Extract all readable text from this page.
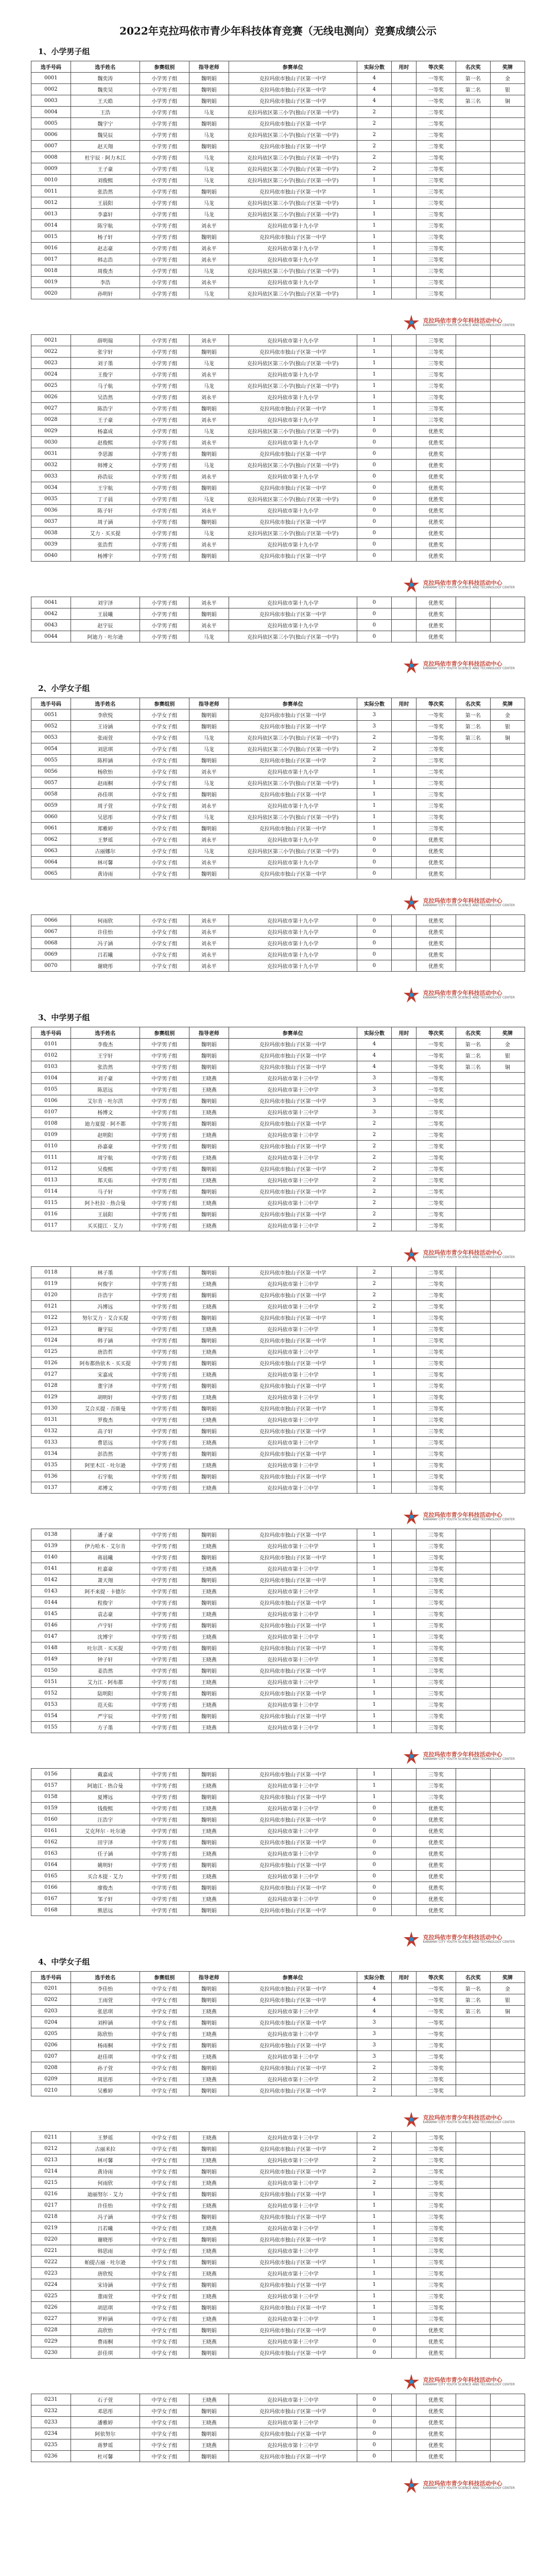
2022年克拉玛依市青少年科技体育竞赛（无线电测向）竞赛成绩公示
1、小学男子组
选手号码	选手姓名	参赛组别	指导老师	参赛单位	实际分数	用时	等次奖	名次奖	奖牌
0001	魏奕涛	小学男子组	魏明娟	克拉玛依市独山子区第一中学	4		一等奖	第一名	金
0002	魏奕昊	小学男子组	魏明娟	克拉玛依市独山子区第一中学	4		一等奖	第二名	银
0003	王天皓	小学男子组	魏明娟	克拉玛依市独山子区第一中学	4		一等奖	第三名	铜
0004	王浩	小学男子组	马龙	克拉玛依区第三小学(独山子区第一中学)	2		二等奖		
0005	魏宇宁	小学男子组	魏明娟	克拉玛依市独山子区第一中学	2		二等奖		
0006	魏昊辰	小学男子组	马龙	克拉玛依区第三小学(独山子区第一中学)	2		二等奖		
0007	赵天翔	小学男子组	魏明娟	克拉玛依市独山子区第一中学	2		二等奖		
0008	杜宇辰 · 阿力木江	小学男子组	马龙	克拉玛依区第三小学(独山子区第一中学)	2		二等奖		
0009	王子豪	小学男子组	马龙	克拉玛依区第三小学(独山子区第一中学)	2		二等奖		
0010	刘俊熙	小学男子组	马龙	克拉玛依区第三小学(独山子区第一中学)	1		三等奖		
0011	张浩然	小学男子组	魏明娟	克拉玛依市独山子区第一中学	1		三等奖		
0012	王晨阳	小学男子组	马龙	克拉玛依区第三小学(独山子区第一中学)	1		三等奖		
0013	李嘉轩	小学男子组	马龙	克拉玛依区第三小学(独山子区第一中学)	1		三等奖		
0014	陈宇航	小学男子组	刘永平	克拉玛依市第十九小学	1		三等奖		
0015	杨子轩	小学男子组	魏明娟	克拉玛依市独山子区第一中学	1		三等奖		
0016	赵志豪	小学男子组	刘永平	克拉玛依市第十九小学	1		三等奖		
0017	韩志浩	小学男子组	刘永平	克拉玛依市第十九小学	1		三等奖		
0018	周俊杰	小学男子组	马龙	克拉玛依区第三小学(独山子区第一中学)	1		三等奖		
0019	李浩	小学男子组	刘永平	克拉玛依市第十九小学	1		三等奖		
0020	孙明轩	小学男子组	马龙	克拉玛依区第三小学(独山子区第一中学)	1		三等奖		
克拉玛依市青少年科技活动中心
KARAMAY CITY YOUTH SCIENCE AND TECHNOLOGY CENTER
0021	薛明瑞	小学男子组	刘永平	克拉玛依市第十九小学	1		三等奖		
0022	张宇轩	小学男子组	魏明娟	克拉玛依市独山子区第一中学	1		三等奖		
0023	刘子墨	小学男子组	马龙	克拉玛依区第三小学(独山子区第一中学)	1		三等奖		
0024	王俊宇	小学男子组	刘永平	克拉玛依市第十九小学	1		三等奖		
0025	马子航	小学男子组	马龙	克拉玛依区第三小学(独山子区第一中学)	1		三等奖		
0026	吴浩然	小学男子组	刘永平	克拉玛依市第十九小学	1		三等奖		
0027	陈浩宇	小学男子组	魏明娟	克拉玛依市独山子区第一中学	1		三等奖		
0028	王子豪	小学男子组	刘永平	克拉玛依市第十九小学	1		三等奖		
0029	杨嘉成	小学男子组	马龙	克拉玛依区第三小学(独山子区第一中学)	0		优胜奖		
0030	赵俊熙	小学男子组	刘永平	克拉玛依市第十九小学	0		优胜奖		
0031	李思源	小学男子组	魏明娟	克拉玛依市独山子区第一中学	0		优胜奖		
0032	韩博文	小学男子组	马龙	克拉玛依区第三小学(独山子区第一中学)	0		优胜奖		
0033	孙浩辰	小学男子组	刘永平	克拉玛依市第十九小学	0		优胜奖		
0034	王宇航	小学男子组	魏明娟	克拉玛依市独山子区第一中学	0		优胜奖		
0035	丁子晨	小学男子组	马龙	克拉玛依区第三小学(独山子区第一中学)	0		优胜奖		
0036	陈子轩	小学男子组	刘永平	克拉玛依市第十九小学	0		优胜奖		
0037	周子涵	小学男子组	魏明娟	克拉玛依市独山子区第一中学	0		优胜奖		
0038	艾力 · 买买提	小学男子组	马龙	克拉玛依区第三小学(独山子区第一中学)	0		优胜奖		
0039	张浩哲	小学男子组	刘永平	克拉玛依市第十九小学	0		优胜奖		
0040	杨博宇	小学男子组	魏明娟	克拉玛依市独山子区第一中学	0		优胜奖		
克拉玛依市青少年科技活动中心
KARAMAY CITY YOUTH SCIENCE AND TECHNOLOGY CENTER
0041	刘宇泽	小学男子组	刘永平	克拉玛依市第十九小学	0		优胜奖		
0042	王晨曦	小学男子组	魏明娟	克拉玛依市独山子区第一中学	0		优胜奖		
0043	赵宇辰	小学男子组	刘永平	克拉玛依市第十九小学	0		优胜奖		
0044	阿迪力 · 吐尔逊	小学男子组	马龙	克拉玛依区第三小学(独山子区第一中学)	0		优胜奖		
克拉玛依市青少年科技活动中心
KARAMAY CITY YOUTH SCIENCE AND TECHNOLOGY CENTER
2、小学女子组
选手号码	选手姓名	参赛组别	指导老师	参赛单位	实际分数	用时	等次奖	名次奖	奖牌
0051	李欣悦	小学女子组	魏明娟	克拉玛依市独山子区第一中学	3		一等奖	第一名	金
0052	王诗涵	小学女子组	魏明娟	克拉玛依市独山子区第一中学	3		一等奖	第二名	银
0053	张雨萱	小学女子组	马龙	克拉玛依区第三小学(独山子区第一中学)	2		一等奖	第三名	铜
0054	刘思琪	小学女子组	马龙	克拉玛依区第三小学(独山子区第一中学)	2		二等奖		
0055	陈梓涵	小学女子组	魏明娟	克拉玛依市独山子区第一中学	2		二等奖		
0056	杨欣怡	小学女子组	刘永平	克拉玛依市第十九小学	1		二等奖		
0057	赵雨桐	小学女子组	马龙	克拉玛依区第三小学(独山子区第一中学)	1		二等奖		
0058	孙佳琪	小学女子组	魏明娟	克拉玛依市独山子区第一中学	1		三等奖		
0059	周子萱	小学女子组	刘永平	克拉玛依市第十九小学	1		三等奖		
0060	吴思彤	小学女子组	马龙	克拉玛依区第三小学(独山子区第一中学)	1		三等奖		
0061	郑雅婷	小学女子组	魏明娟	克拉玛依市独山子区第一中学	1		三等奖		
0062	王梦瑶	小学女子组	刘永平	克拉玛依市第十九小学	0		优胜奖		
0063	古丽娜尔	小学女子组	马龙	克拉玛依区第三小学(独山子区第一中学)	0		优胜奖		
0064	林可馨	小学女子组	刘永平	克拉玛依市第十九小学	0		优胜奖		
0065	黄诗雨	小学女子组	魏明娟	克拉玛依市独山子区第一中学	0		优胜奖		
克拉玛依市青少年科技活动中心
KARAMAY CITY YOUTH SCIENCE AND TECHNOLOGY CENTER
0066	何雨欣	小学女子组	刘永平	克拉玛依市第十九小学	0		优胜奖		
0067	许佳怡	小学女子组	刘永平	克拉玛依市第十九小学	0		优胜奖		
0068	冯子涵	小学女子组	刘永平	克拉玛依市第十九小学	0		优胜奖		
0069	吕若曦	小学女子组	刘永平	克拉玛依市第十九小学	0		优胜奖		
0070	谢晓彤	小学女子组	刘永平	克拉玛依市第十九小学	0		优胜奖		
克拉玛依市青少年科技活动中心
KARAMAY CITY YOUTH SCIENCE AND TECHNOLOGY CENTER
3、中学男子组
选手号码	选手姓名	参赛组别	指导老师	参赛单位	实际分数	用时	等次奖	名次奖	奖牌
0101	李俊杰	中学男子组	魏明娟	克拉玛依市独山子区第一中学	4		一等奖	第一名	金
0102	王宇轩	中学男子组	魏明娟	克拉玛依市独山子区第一中学	4		一等奖	第二名	银
0103	张浩然	中学男子组	魏明娟	克拉玛依市独山子区第一中学	4		一等奖	第三名	铜
0104	刘子豪	中学男子组	王晓燕	克拉玛依市第十三中学	3		一等奖		
0105	陈思远	中学男子组	王晓燕	克拉玛依市第十三中学	3		一等奖		
0106	艾尔肯 · 吐尔洪	中学男子组	魏明娟	克拉玛依市独山子区第一中学	3		一等奖		
0107	杨博文	中学男子组	王晓燕	克拉玛依市第十三中学	3		二等奖		
0108	迪力夏提 · 阿不都	中学男子组	魏明娟	克拉玛依市独山子区第一中学	2		二等奖		
0109	赵明阳	中学男子组	王晓燕	克拉玛依市第十三中学	2		二等奖		
0110	孙嘉豪	中学男子组	魏明娟	克拉玛依市独山子区第一中学	2		二等奖		
0111	周宇航	中学男子组	王晓燕	克拉玛依市第十三中学	2		二等奖		
0112	吴俊熙	中学男子组	魏明娟	克拉玛依市独山子区第一中学	2		二等奖		
0113	郑天佑	中学男子组	王晓燕	克拉玛依市第十三中学	2		二等奖		
0114	马子轩	中学男子组	魏明娟	克拉玛依市独山子区第一中学	2		二等奖		
0115	阿卜杜拉 · 热合曼	中学男子组	王晓燕	克拉玛依市第十三中学	2		二等奖		
0116	王晨阳	中学男子组	魏明娟	克拉玛依市独山子区第一中学	2		二等奖		
0117	买买提江 · 艾力	中学男子组	王晓燕	克拉玛依市第十三中学	2		二等奖		
克拉玛依市青少年科技活动中心
KARAMAY CITY YOUTH SCIENCE AND TECHNOLOGY CENTER
0118	林子墨	中学男子组	魏明娟	克拉玛依市独山子区第一中学	2		二等奖		
0119	何俊宇	中学男子组	王晓燕	克拉玛依市第十三中学	2		二等奖		
0120	许浩宇	中学男子组	魏明娟	克拉玛依市独山子区第一中学	2		二等奖		
0121	冯博远	中学男子组	王晓燕	克拉玛依市第十三中学	2		二等奖		
0122	努尔艾力 · 艾合买提	中学男子组	魏明娟	克拉玛依市独山子区第一中学	1		三等奖		
0123	谢宇辰	中学男子组	王晓燕	克拉玛依市第十三中学	1		三等奖		
0124	韩子涵	中学男子组	魏明娟	克拉玛依市独山子区第一中学	1		三等奖		
0125	唐浩哲	中学男子组	王晓燕	克拉玛依市第十三中学	1		三等奖		
0126	阿布都热依木 · 买买提	中学男子组	魏明娟	克拉玛依市独山子区第一中学	1		三等奖		
0127	宋嘉成	中学男子组	王晓燕	克拉玛依市第十三中学	1		三等奖		
0128	董宇泽	中学男子组	魏明娟	克拉玛依市独山子区第一中学	1		三等奖		
0129	胡明轩	中学男子组	王晓燕	克拉玛依市第十三中学	1		三等奖		
0130	艾合买提 · 吾斯曼	中学男子组	魏明娟	克拉玛依市独山子区第一中学	1		三等奖		
0131	罗俊杰	中学男子组	王晓燕	克拉玛依市第十三中学	1		三等奖		
0132	高子轩	中学男子组	魏明娟	克拉玛依市独山子区第一中学	1		三等奖		
0133	曹思远	中学男子组	王晓燕	克拉玛依市第十三中学	1		三等奖		
0134	彭浩然	中学男子组	魏明娟	克拉玛依市独山子区第一中学	1		三等奖		
0135	阿里木江 · 吐尔逊	中学男子组	王晓燕	克拉玛依市第十三中学	1		三等奖		
0136	石宇航	中学男子组	魏明娟	克拉玛依市独山子区第一中学	1		三等奖		
0137	邓博文	中学男子组	王晓燕	克拉玛依市第十三中学	1		三等奖		
克拉玛依市青少年科技活动中心
KARAMAY CITY YOUTH SCIENCE AND TECHNOLOGY CENTER
0138	潘子豪	中学男子组	魏明娟	克拉玛依市独山子区第一中学	1		三等奖		
0139	伊力哈木 · 艾尔肯	中学男子组	王晓燕	克拉玛依市第十三中学	1		三等奖		
0140	蒋晨曦	中学男子组	魏明娟	克拉玛依市独山子区第一中学	1		三等奖		
0141	杜嘉豪	中学男子组	王晓燕	克拉玛依市第十三中学	1		三等奖		
0142	萧天翔	中学男子组	魏明娟	克拉玛依市独山子区第一中学	1		三等奖		
0143	阿不来提 · 卡德尔	中学男子组	王晓燕	克拉玛依市第十三中学	1		三等奖		
0144	程俊宇	中学男子组	魏明娟	克拉玛依市独山子区第一中学	1		三等奖		
0145	袁志豪	中学男子组	王晓燕	克拉玛依市第十三中学	1		三等奖		
0146	卢宇轩	中学男子组	魏明娟	克拉玛依市独山子区第一中学	1		三等奖		
0147	沈博宇	中学男子组	王晓燕	克拉玛依市第十三中学	1		三等奖		
0148	吐尔洪 · 买买提	中学男子组	魏明娟	克拉玛依市独山子区第一中学	1		三等奖		
0149	钟子轩	中学男子组	王晓燕	克拉玛依市第十三中学	1		三等奖		
0150	姜浩然	中学男子组	魏明娟	克拉玛依市独山子区第一中学	1		三等奖		
0151	艾力江 · 阿布都	中学男子组	王晓燕	克拉玛依市第十三中学	1		三等奖		
0152	陆明阳	中学男子组	魏明娟	克拉玛依市独山子区第一中学	1		三等奖		
0153	范天佑	中学男子组	王晓燕	克拉玛依市第十三中学	1		三等奖		
0154	严宇辰	中学男子组	魏明娟	克拉玛依市独山子区第一中学	1		三等奖		
0155	方子墨	中学男子组	王晓燕	克拉玛依市第十三中学	1		三等奖		
克拉玛依市青少年科技活动中心
KARAMAY CITY YOUTH SCIENCE AND TECHNOLOGY CENTER
0156	戴嘉成	中学男子组	魏明娟	克拉玛依市独山子区第一中学	1		三等奖		
0157	阿迪江 · 热合曼	中学男子组	王晓燕	克拉玛依市第十三中学	1		三等奖		
0158	夏博远	中学男子组	魏明娟	克拉玛依市独山子区第一中学	1		三等奖		
0159	钱俊熙	中学男子组	王晓燕	克拉玛依市第十三中学	0		优胜奖		
0160	汪浩宇	中学男子组	魏明娟	克拉玛依市独山子区第一中学	0		优胜奖		
0161	艾克拜尔 · 吐尔逊	中学男子组	王晓燕	克拉玛依市第十三中学	0		优胜奖		
0162	田宇泽	中学男子组	魏明娟	克拉玛依市独山子区第一中学	0		优胜奖		
0163	任子涵	中学男子组	王晓燕	克拉玛依市第十三中学	0		优胜奖		
0164	姚明轩	中学男子组	魏明娟	克拉玛依市独山子区第一中学	0		优胜奖		
0165	买合木提 · 艾力	中学男子组	王晓燕	克拉玛依市第十三中学	0		优胜奖		
0166	廖俊杰	中学男子组	魏明娟	克拉玛依市独山子区第一中学	0		优胜奖		
0167	邹子轩	中学男子组	王晓燕	克拉玛依市第十三中学	0		优胜奖		
0168	熊思远	中学男子组	魏明娟	克拉玛依市独山子区第一中学	0		优胜奖		
克拉玛依市青少年科技活动中心
KARAMAY CITY YOUTH SCIENCE AND TECHNOLOGY CENTER
4、中学女子组
选手号码	选手姓名	参赛组别	指导老师	参赛单位	实际分数	用时	等次奖	名次奖	奖牌
0201	李佳怡	中学女子组	魏明娟	克拉玛依市独山子区第一中学	4		一等奖	第一名	金
0202	王雨萱	中学女子组	魏明娟	克拉玛依市独山子区第一中学	4		一等奖	第二名	银
0203	张思琪	中学女子组	王晓燕	克拉玛依市第十三中学	4		一等奖	第三名	铜
0204	刘梓涵	中学女子组	魏明娟	克拉玛依市独山子区第一中学	3		一等奖		
0205	陈欣怡	中学女子组	王晓燕	克拉玛依市第十三中学	3		一等奖		
0206	杨雨桐	中学女子组	魏明娟	克拉玛依市独山子区第一中学	3		二等奖		
0207	赵佳琪	中学女子组	王晓燕	克拉玛依市第十三中学	3		二等奖		
0208	孙子萱	中学女子组	魏明娟	克拉玛依市独山子区第一中学	2		二等奖		
0209	周思彤	中学女子组	王晓燕	克拉玛依市第十三中学	2		二等奖		
0210	吴雅婷	中学女子组	魏明娟	克拉玛依市独山子区第一中学	2		二等奖		
克拉玛依市青少年科技活动中心
KARAMAY CITY YOUTH SCIENCE AND TECHNOLOGY CENTER
0211	王梦瑶	中学女子组	王晓燕	克拉玛依市第十三中学	2		二等奖		
0212	古丽米拉	中学女子组	魏明娟	克拉玛依市独山子区第一中学	2		二等奖		
0213	林可馨	中学女子组	王晓燕	克拉玛依市第十三中学	2		二等奖		
0214	黄诗雨	中学女子组	魏明娟	克拉玛依市独山子区第一中学	2		二等奖		
0215	何雨欣	中学女子组	王晓燕	克拉玛依市第十三中学	2		二等奖		
0216	迪丽努尔 · 艾力	中学女子组	魏明娟	克拉玛依市独山子区第一中学	1		三等奖		
0217	许佳怡	中学女子组	王晓燕	克拉玛依市第十三中学	1		三等奖		
0218	冯子涵	中学女子组	魏明娟	克拉玛依市独山子区第一中学	1		三等奖		
0219	吕若曦	中学女子组	王晓燕	克拉玛依市第十三中学	1		三等奖		
0220	谢晓彤	中学女子组	魏明娟	克拉玛依市独山子区第一中学	1		三等奖		
0221	韩思雨	中学女子组	王晓燕	克拉玛依市第十三中学	1		三等奖		
0222	帕提古丽 · 吐尔逊	中学女子组	魏明娟	克拉玛依市独山子区第一中学	1		三等奖		
0223	唐欣悦	中学女子组	王晓燕	克拉玛依市第十三中学	1		三等奖		
0224	宋诗涵	中学女子组	魏明娟	克拉玛依市独山子区第一中学	1		三等奖		
0225	董雨萱	中学女子组	王晓燕	克拉玛依市第十三中学	1		三等奖		
0226	胡思琪	中学女子组	魏明娟	克拉玛依市独山子区第一中学	1		三等奖		
0227	罗梓涵	中学女子组	王晓燕	克拉玛依市第十三中学	1		三等奖		
0228	高欣怡	中学女子组	魏明娟	克拉玛依市独山子区第一中学	0		优胜奖		
0229	曹雨桐	中学女子组	王晓燕	克拉玛依市第十三中学	0		优胜奖		
0230	彭佳琪	中学女子组	魏明娟	克拉玛依市独山子区第一中学	0		优胜奖		
克拉玛依市青少年科技活动中心
KARAMAY CITY YOUTH SCIENCE AND TECHNOLOGY CENTER
0231	石子萱	中学女子组	王晓燕	克拉玛依市第十三中学	0		优胜奖		
0232	邓思彤	中学女子组	魏明娟	克拉玛依市独山子区第一中学	0		优胜奖		
0233	潘雅婷	中学女子组	王晓燕	克拉玛依市第十三中学	0		优胜奖		
0234	阿依努尔	中学女子组	魏明娟	克拉玛依市独山子区第一中学	0		优胜奖		
0235	蒋梦瑶	中学女子组	王晓燕	克拉玛依市第十三中学	0		优胜奖		
0236	杜可馨	中学女子组	魏明娟	克拉玛依市独山子区第一中学	0		优胜奖		
克拉玛依市青少年科技活动中心
KARAMAY CITY YOUTH SCIENCE AND TECHNOLOGY CENTER
